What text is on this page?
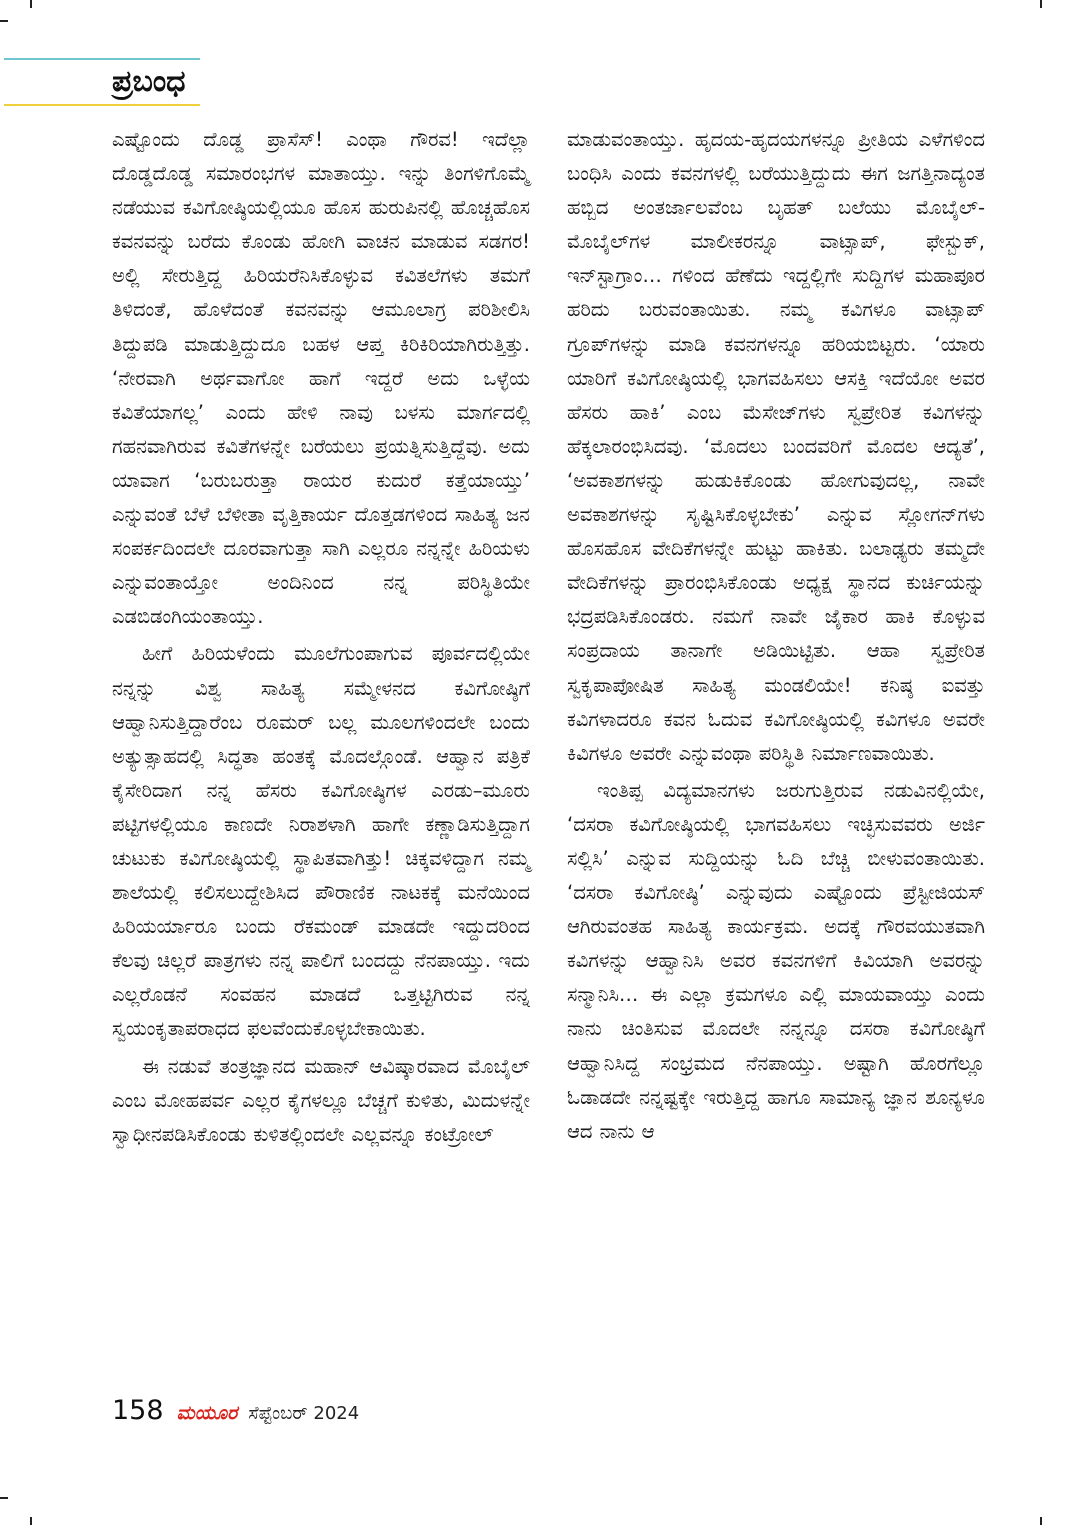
ಪ್ರಬಂಧ

ಎಷ್ಟೊಂದು ದೊಡ್ಡ ಪ್ರಾಸೆಸ್! ಎಂಥಾ ಗೌರವ! ಇದೆಲ್ಲಾ ದೊಡ್ಡದೊಡ್ಡ ಸಮಾರಂಭಗಳ ಮಾತಾಯ್ತು. ಇನ್ನು ತಿಂಗಳಿಗೊಮ್ಮೆ ನಡೆಯುವ ಕವಿಗೋಷ್ಠಿಯಲ್ಲಿಯೂ ಹೊಸ ಹುರುಪಿನಲ್ಲಿ ಹೊಚ್ಚಹೊಸ ಕವನವನ್ನು ಬರೆದು ಕೊಂಡು ಹೋಗಿ ವಾಚನ ಮಾಡುವ ಸಡಗರ! ಅಲ್ಲಿ ಸೇರುತ್ತಿದ್ದ ಹಿರಿಯರೆನಿಸಿಕೊಳ್ಳುವ ಕವಿತಲೆಗಳು ತಮಗೆ ತಿಳಿದಂತೆ, ಹೊಳೆದಂತೆ ಕವನವನ್ನು ಆಮೂಲಾಗ್ರ ಪರಿಶೀಲಿಸಿ ತಿದ್ದುಪಡಿ ಮಾಡುತ್ತಿದ್ದುದೂ ಬಹಳ ಆಪ್ತ ಕಿರಿಕಿರಿಯಾಗಿರುತ್ತಿತ್ತು. ‘ನೇರವಾಗಿ ಅರ್ಥವಾಗೋ ಹಾಗೆ ಇದ್ದರೆ ಅದು ಒಳ್ಳೆಯ ಕವಿತೆಯಾಗಲ್ಲ’ ಎಂದು ಹೇಳಿ ನಾವು ಬಳಸು ಮಾರ್ಗದಲ್ಲಿ ಗಹನವಾಗಿರುವ ಕವಿತೆಗಳನ್ನೇ ಬರೆಯಲು ಪ್ರಯತ್ನಿಸುತ್ತಿದ್ದೆವು. ಅದು ಯಾವಾಗ ‘ಬರುಬರುತ್ತಾ ರಾಯರ ಕುದುರೆ ಕತ್ತೆಯಾಯ್ತು’ ಎನ್ನುವಂತೆ ಬೆಳೆ ಬೆಳೀತಾ ವೃತ್ತಿಕಾರ್ಯ ದೊತ್ತಡಗಳಿಂದ ಸಾಹಿತ್ಯ ಜನ ಸಂಪರ್ಕದಿಂದಲೇ ದೂರವಾಗುತ್ತಾ ಸಾಗಿ ಎಲ್ಲರೂ ನನ್ನನ್ನೇ ಹಿರಿಯಳು ಎನ್ನುವಂತಾಯ್ತೋ ಅಂದಿನಿಂದ ನನ್ನ ಪರಿಸ್ಥಿತಿಯೇ ಎಡಬಿಡಂಗಿಯಂತಾಯ್ತು.

ಹೀಗೆ ಹಿರಿಯಳೆಂದು ಮೂಲೆಗುಂಪಾಗುವ ಪೂರ್ವದಲ್ಲಿಯೇ ನನ್ನನ್ನು ವಿಶ್ವ ಸಾಹಿತ್ಯ ಸಮ್ಮೇಳನದ ಕವಿಗೋಷ್ಠಿಗೆ ಆಹ್ವಾನಿಸುತ್ತಿದ್ದಾರೆಂಬ ರೂಮರ್ ಬಲ್ಲ ಮೂಲಗಳಿಂದಲೇ ಬಂದು ಅತ್ಯುತ್ಸಾಹದಲ್ಲಿ ಸಿದ್ಧತಾ ಹಂತಕ್ಕೆ ಮೊದಲ್ಗೊಂಡೆ. ಆಹ್ವಾನ ಪತ್ರಿಕೆ ಕೈಸೇರಿದಾಗ ನನ್ನ ಹೆಸರು ಕವಿಗೋಷ್ಠಿಗಳ ಎರಡು–ಮೂರು ಪಟ್ಟಿಗಳಲ್ಲಿಯೂ ಕಾಣದೇ ನಿರಾಶಳಾಗಿ ಹಾಗೇ ಕಣ್ಣಾಡಿಸುತ್ತಿದ್ದಾಗ ಚುಟುಕು ಕವಿಗೋಷ್ಠಿಯಲ್ಲಿ ಸ್ಥಾಪಿತವಾಗಿತ್ತು! ಚಿಕ್ಕವಳಿದ್ದಾಗ ನಮ್ಮ ಶಾಲೆಯಲ್ಲಿ ಕಲಿಸಲುದ್ದೇಶಿಸಿದ ಪೌರಾಣಿಕ ನಾಟಕಕ್ಕೆ ಮನೆಯಿಂದ ಹಿರಿಯರ್ಯಾರೂ ಬಂದು ರೆಕಮಂಡ್ ಮಾಡದೇ ಇದ್ದುದರಿಂದ ಕೆಲವು ಚಿಲ್ಲರೆ ಪಾತ್ರಗಳು ನನ್ನ ಪಾಲಿಗೆ ಬಂದದ್ದು ನೆನಪಾಯ್ತು. ಇದು ಎಲ್ಲರೊಡನೆ ಸಂವಹನ ಮಾಡದೆ ಒತ್ತಟ್ಟಿಗಿರುವ ನನ್ನ ಸ್ವಯಂಕೃತಾಪರಾಧದ ಫಲವೆಂದುಕೊಳ್ಳಬೇಕಾಯಿತು.

ಈ ನಡುವೆ ತಂತ್ರಜ್ಞಾನದ ಮಹಾನ್ ಆವಿಷ್ಕಾರವಾದ ಮೊಬೈಲ್ ಎಂಬ ಮೋಹಪರ್ವ ಎಲ್ಲರ ಕೈಗಳಲ್ಲೂ ಬೆಚ್ಚಗೆ ಕುಳಿತು, ಮಿದುಳನ್ನೇ ಸ್ವಾಧೀನಪಡಿಸಿಕೊಂಡು ಕುಳಿತಲ್ಲಿಂದಲೇ ಎಲ್ಲವನ್ನೂ ಕಂಟ್ರೋಲ್

ಮಾಡುವಂತಾಯ್ತು. ಹೃದಯ-ಹೃದಯಗಳನ್ನೂ ಪ್ರೀತಿಯ ಎಳೆಗಳಿಂದ ಬಂಧಿಸಿ ಎಂದು ಕವನಗಳಲ್ಲಿ ಬರೆಯುತ್ತಿದ್ದುದು ಈಗ ಜಗತ್ತಿನಾದ್ಯಂತ ಹಬ್ಬಿದ ಅಂತರ್ಜಾಲವೆಂಬ ಬೃಹತ್ ಬಲೆಯು ಮೊಬೈಲ್-ಮೊಬೈಲ್‌ಗಳ ಮಾಲೀಕರನ್ನೂ ವಾಟ್ಸಾಪ್, ಫೇಸ್ಬುಕ್, ಇನ್‌ಸ್ಟಾಗ್ರಾಂ… ಗಳಿಂದ ಹೆಣೆದು ಇದ್ದಲ್ಲಿಗೇ ಸುದ್ದಿಗಳ ಮಹಾಪೂರ ಹರಿದು ಬರುವಂತಾಯಿತು. ನಮ್ಮ ಕವಿಗಳೂ ವಾಟ್ಸಾಪ್ ಗ್ರೂಪ್‌ಗಳನ್ನು ಮಾಡಿ ಕವನಗಳನ್ನೂ ಹರಿಯಬಿಟ್ಟರು. ‘ಯಾರು ಯಾರಿಗೆ ಕವಿಗೋಷ್ಠಿಯಲ್ಲಿ ಭಾಗವಹಿಸಲು ಆಸಕ್ತಿ ಇದೆಯೋ ಅವರ ಹೆಸರು ಹಾಕಿ’ ಎಂಬ ಮೆಸೇಜ್‌ಗಳು ಸ್ವಪ್ರೇರಿತ ಕವಿಗಳನ್ನು ಹೆಕ್ಕಲಾರಂಭಿಸಿದವು. ‘ಮೊದಲು ಬಂದವರಿಗೆ ಮೊದಲ ಆದ್ಯತೆ’, ‘ಅವಕಾಶಗಳನ್ನು ಹುಡುಕಿಕೊಂಡು ಹೋಗುವುದಲ್ಲ, ನಾವೇ ಅವಕಾಶಗಳನ್ನು ಸೃಷ್ಟಿಸಿಕೊಳ್ಳಬೇಕು’ ಎನ್ನುವ ಸ್ಲೋಗನ್‌ಗಳು ಹೊಸಹೊಸ ವೇದಿಕೆಗಳನ್ನೇ ಹುಟ್ಟು ಹಾಕಿತು. ಬಲಾಢ್ಯರು ತಮ್ಮದೇ ವೇದಿಕೆಗಳನ್ನು ಪ್ರಾರಂಭಿಸಿಕೊಂಡು ಅಧ್ಯಕ್ಷ ಸ್ಥಾನದ ಕುರ್ಚಿಯನ್ನು ಭದ್ರಪಡಿಸಿಕೊಂಡರು. ನಮಗೆ ನಾವೇ ಜೈಕಾರ ಹಾಕಿ ಕೊಳ್ಳುವ ಸಂಪ್ರದಾಯ ತಾನಾಗೇ ಅಡಿಯಿಟ್ಟಿತು. ಆಹಾ ಸ್ವಪ್ರೇರಿತ ಸ್ವಕೃಪಾಪೋಷಿತ ಸಾಹಿತ್ಯ ಮಂಡಲಿಯೇ! ಕನಿಷ್ಠ ಐವತ್ತು ಕವಿಗಳಾದರೂ ಕವನ ಓದುವ ಕವಿಗೋಷ್ಠಿಯಲ್ಲಿ ಕವಿಗಳೂ ಅವರೇ ಕಿವಿಗಳೂ ಅವರೇ ಎನ್ನುವಂಥಾ ಪರಿಸ್ಥಿತಿ ನಿರ್ಮಾಣವಾಯಿತು.

ಇಂತಿಪ್ಪ ವಿದ್ಯಮಾನಗಳು ಜರುಗುತ್ತಿರುವ ನಡುವಿನಲ್ಲಿಯೇ, ‘ದಸರಾ ಕವಿಗೋಷ್ಠಿಯಲ್ಲಿ ಭಾಗವಹಿಸಲು ಇಚ್ಛಿಸುವವರು ಅರ್ಜಿ ಸಲ್ಲಿಸಿ’ ಎನ್ನುವ ಸುದ್ದಿಯನ್ನು ಓದಿ ಬೆಚ್ಚಿ ಬೀಳುವಂತಾಯಿತು. ‘ದಸರಾ ಕವಿಗೋಷ್ಠಿ’ ಎನ್ನುವುದು ಎಷ್ಟೊಂದು ಪ್ರೆಸ್ಟೀಜಿಯಸ್ ಆಗಿರುವಂತಹ ಸಾಹಿತ್ಯ ಕಾರ್ಯಕ್ರಮ. ಅದಕ್ಕೆ ಗೌರವಯುತವಾಗಿ ಕವಿಗಳನ್ನು ಆಹ್ವಾನಿಸಿ ಅವರ ಕವನಗಳಿಗೆ ಕಿವಿಯಾಗಿ ಅವರನ್ನು ಸನ್ಮಾನಿಸಿ… ಈ ಎಲ್ಲಾ ಕ್ರಮಗಳೂ ಎಲ್ಲಿ ಮಾಯವಾಯ್ತು ಎಂದು ನಾನು ಚಿಂತಿಸುವ ಮೊದಲೇ ನನ್ನನ್ನೂ ದಸರಾ ಕವಿಗೋಷ್ಠಿಗೆ ಆಹ್ವಾನಿಸಿದ್ದ ಸಂಭ್ರಮದ ನೆನಪಾಯ್ತು. ಅಷ್ಟಾಗಿ ಹೊರಗೆಲ್ಲೂ ಓಡಾಡದೇ ನನ್ನಷ್ಟಕ್ಕೇ ಇರುತ್ತಿದ್ದ ಹಾಗೂ ಸಾಮಾನ್ಯ ಜ್ಞಾನ ಶೂನ್ಯಳೂ ಆದ ನಾನು ಆ

158 ಮಯೂರ ಸೆಪ್ಟೆಂಬರ್ 2024
